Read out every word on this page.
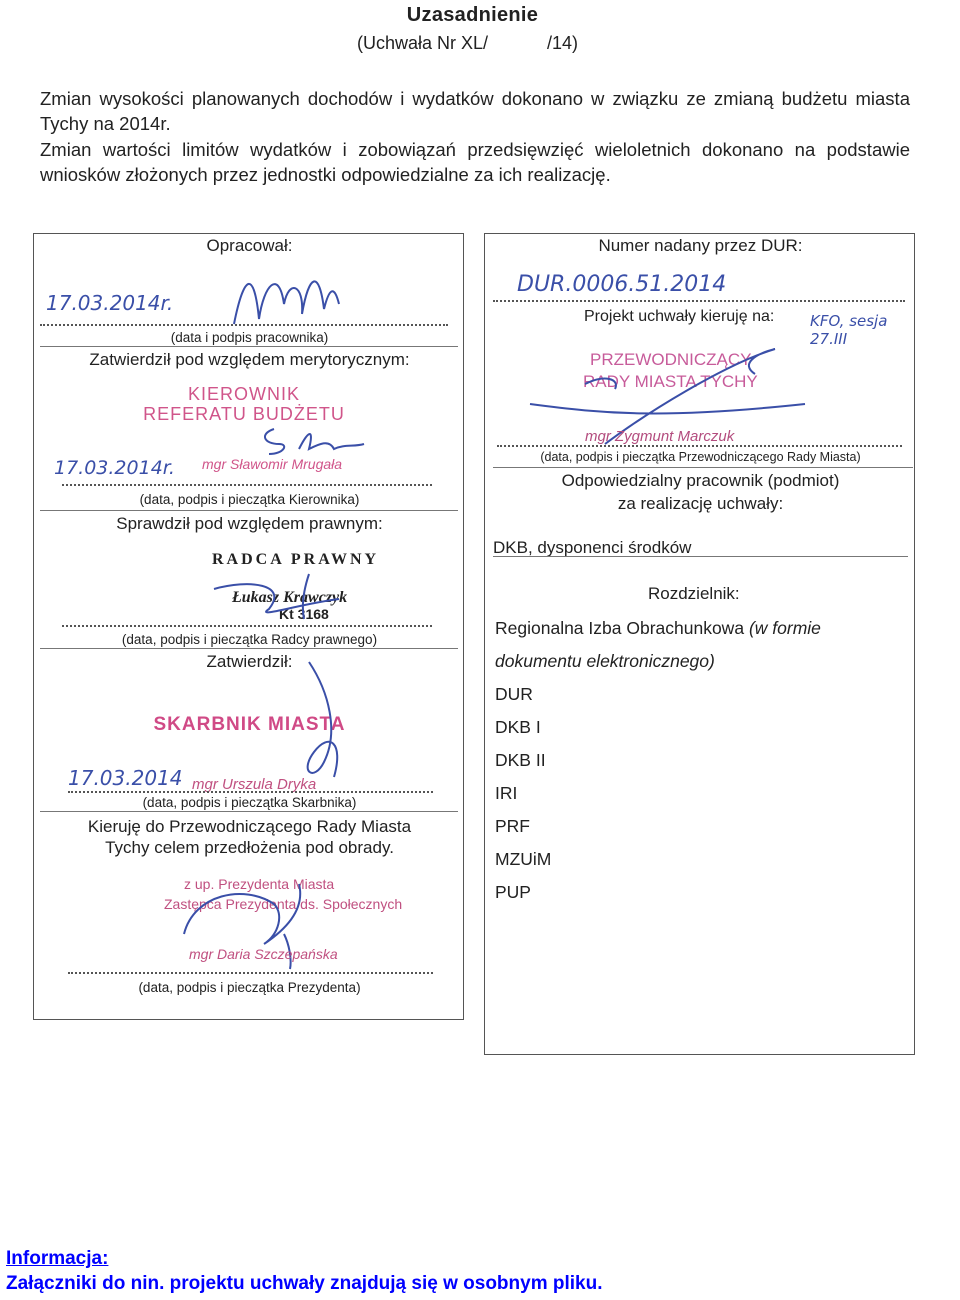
Uzasadnienie
(Uchwała Nr XL/	/14)
Zmian wysokości planowanych dochodów i wydatków dokonano w związku ze zmianą budżetu miasta Tychy na 2014r.
Zmian wartości limitów wydatków i zobowiązań przedsięwzięć wieloletnich dokonano na podstawie wniosków złożonych przez jednostki odpowiedzialne za ich realizację.
Opracował:
17.03.2014r.
(data i podpis pracownika)
Zatwierdził pod względem merytorycznym:
KIEROWNIK
REFERATU BUDŻETU
17.03.2014r. mgr Sławomir Mrugała
(data, podpis i pieczątka Kierownika)
Sprawdził pod względem prawnym:
RADCA PRAWNY
Łukasz Krawczyk
Kt 3168
(data, podpis i pieczątka Radcy prawnego)
Zatwierdził:
SKARBNIK MIASTA
17.03.2014 mgr Urszula Dryka
(data, podpis i pieczątka Skarbnika)
Kieruję do Przewodniczącego Rady Miasta
Tychy celem przedłożenia pod obrady.
z up. Prezydenta Miasta
Zastępca Prezydenta ds. Społecznych
mgr Daria Szczepańska
(data, podpis i pieczątka Prezydenta)
Numer nadany przez DUR:
DUR.0006.51.2014
Projekt uchwały kieruję na: KFO, sesja 27.III
PRZEWODNICZĄCY
RADY MIASTA TYCHY
mgr Zygmunt Marczuk
(data, podpis i pieczątka Przewodniczącego Rady Miasta)
Odpowiedzialny pracownik (podmiot)
za realizację uchwały:
DKB, dysponenci środków
Rozdzielnik:
Regionalna Izba Obrachunkowa (w formie
dokumentu elektronicznego)
DUR
DKB I
DKB II
IRI
PRF
MZUiM
PUP
Informacja:
Załączniki do nin. projektu uchwały znajdują się w osobnym pliku.
